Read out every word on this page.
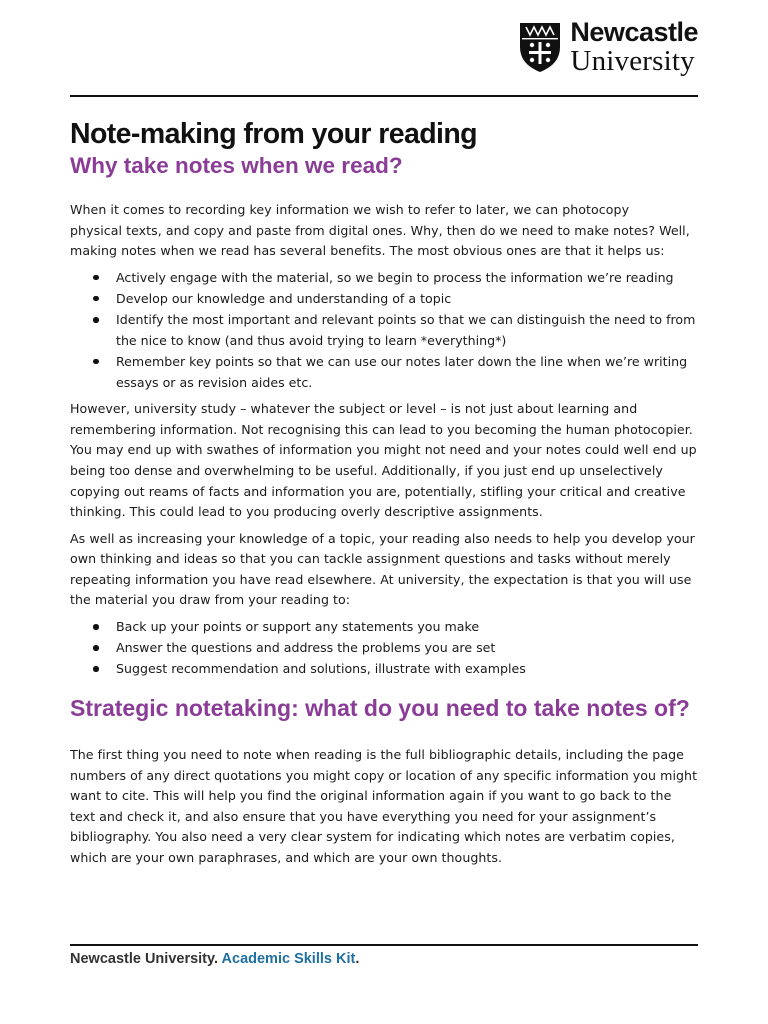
Newcastle
University
Note-making from your reading
Why take notes when we read?

When it comes to recording key information we wish to refer to later, we can photocopy
physical texts, and copy and paste from digital ones. Why, then do we need to make notes? Well,
making notes when we read has several benefits. The most obvious ones are that it helps us:

Actively engage with the material, so we begin to process the information we’re reading
Develop our knowledge and understanding of a topic
Identify the most important and relevant points so that we can distinguish the need to from the nice to know (and thus avoid trying to learn *everything*)
Remember key points so that we can use our notes later down the line when we’re writing essays or as revision aides etc.

However, university study – whatever the subject or level – is not just about learning and remembering information. Not recognising this can lead to you becoming the human photocopier. You may end up with swathes of information you might not need and your notes could well end up being too dense and overwhelming to be useful. Additionally, if you just end up unselectively copying out reams of facts and information you are, potentially, stifling your critical and creative thinking. This could lead to you producing overly descriptive assignments.

As well as increasing your knowledge of a topic, your reading also needs to help you develop your own thinking and ideas so that you can tackle assignment questions and tasks without merely repeating information you have read elsewhere. At university, the expectation is that you will use the material you draw from your reading to:

Back up your points or support any statements you make
Answer the questions and address the problems you are set
Suggest recommendation and solutions, illustrate with examples
Strategic notetaking: what do you need to take notes of?

The first thing you need to note when reading is the full bibliographic details, including the page numbers of any direct quotations you might copy or location of any specific information you might want to cite. This will help you find the original information again if you want to go back to the text and check it, and also ensure that you have everything you need for your assignment’s bibliography. You also need a very clear system for indicating which notes are verbatim copies, which are your own paraphrases, and which are your own thoughts.

Newcastle University. Academic Skills Kit.
